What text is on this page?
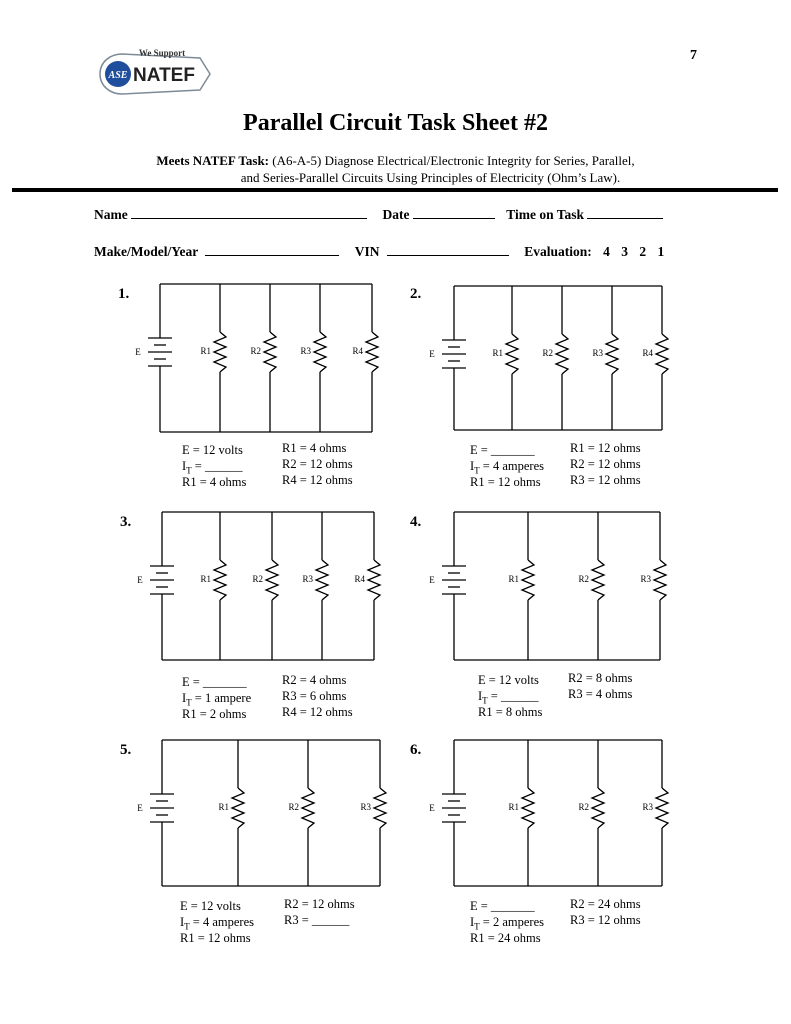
ASE
We Support
NATEF
7
Parallel Circuit Task Sheet #2
Meets NATEF Task: (A6-A-5) Diagnose Electrical/Electronic Integrity for Series, Parallel,
and Series-Parallel Circuits Using Principles of Electricity (Ohm’s Law).
Name	Date	Time on Task
Make/Model/Year	VIN	Evaluation: 4 3 2 1
1.
E	R1	R2	R3	R4
E = 12 volts
$I_T$ = ______
R1 = 4 ohms
R1 = 4 ohms
R2 = 12 ohms
R4 = 12 ohms
2.
E	R1	R2	R3	R4
E = _______
$I_T = 4$ amperes
R1 = 12 ohms
R1 = 12 ohms
R2 = 12 ohms
R3 = 12 ohms
3.
E	R1	R2	R3	R4
E = _______
$I_T = 1$ ampere
R1 = 2 ohms
R2 = 4 ohms
R3 = 6 ohms
R4 = 12 ohms
4.
E	R1	R2	R3
E = 12 volts
$I_T$ = ______
R1 = 8 ohms
R2 = 8 ohms
R3 = 4 ohms
5.
E	R1	R2	R3
E = 12 volts
$I_T = 4$ amperes
R1 = 12 ohms
R2 = 12 ohms
R3 = ______
6.
E	R1	R2	R3
E = _______
$I_T = 2$ amperes
R1 = 24 ohms
R2 = 24 ohms
R3 = 12 ohms
